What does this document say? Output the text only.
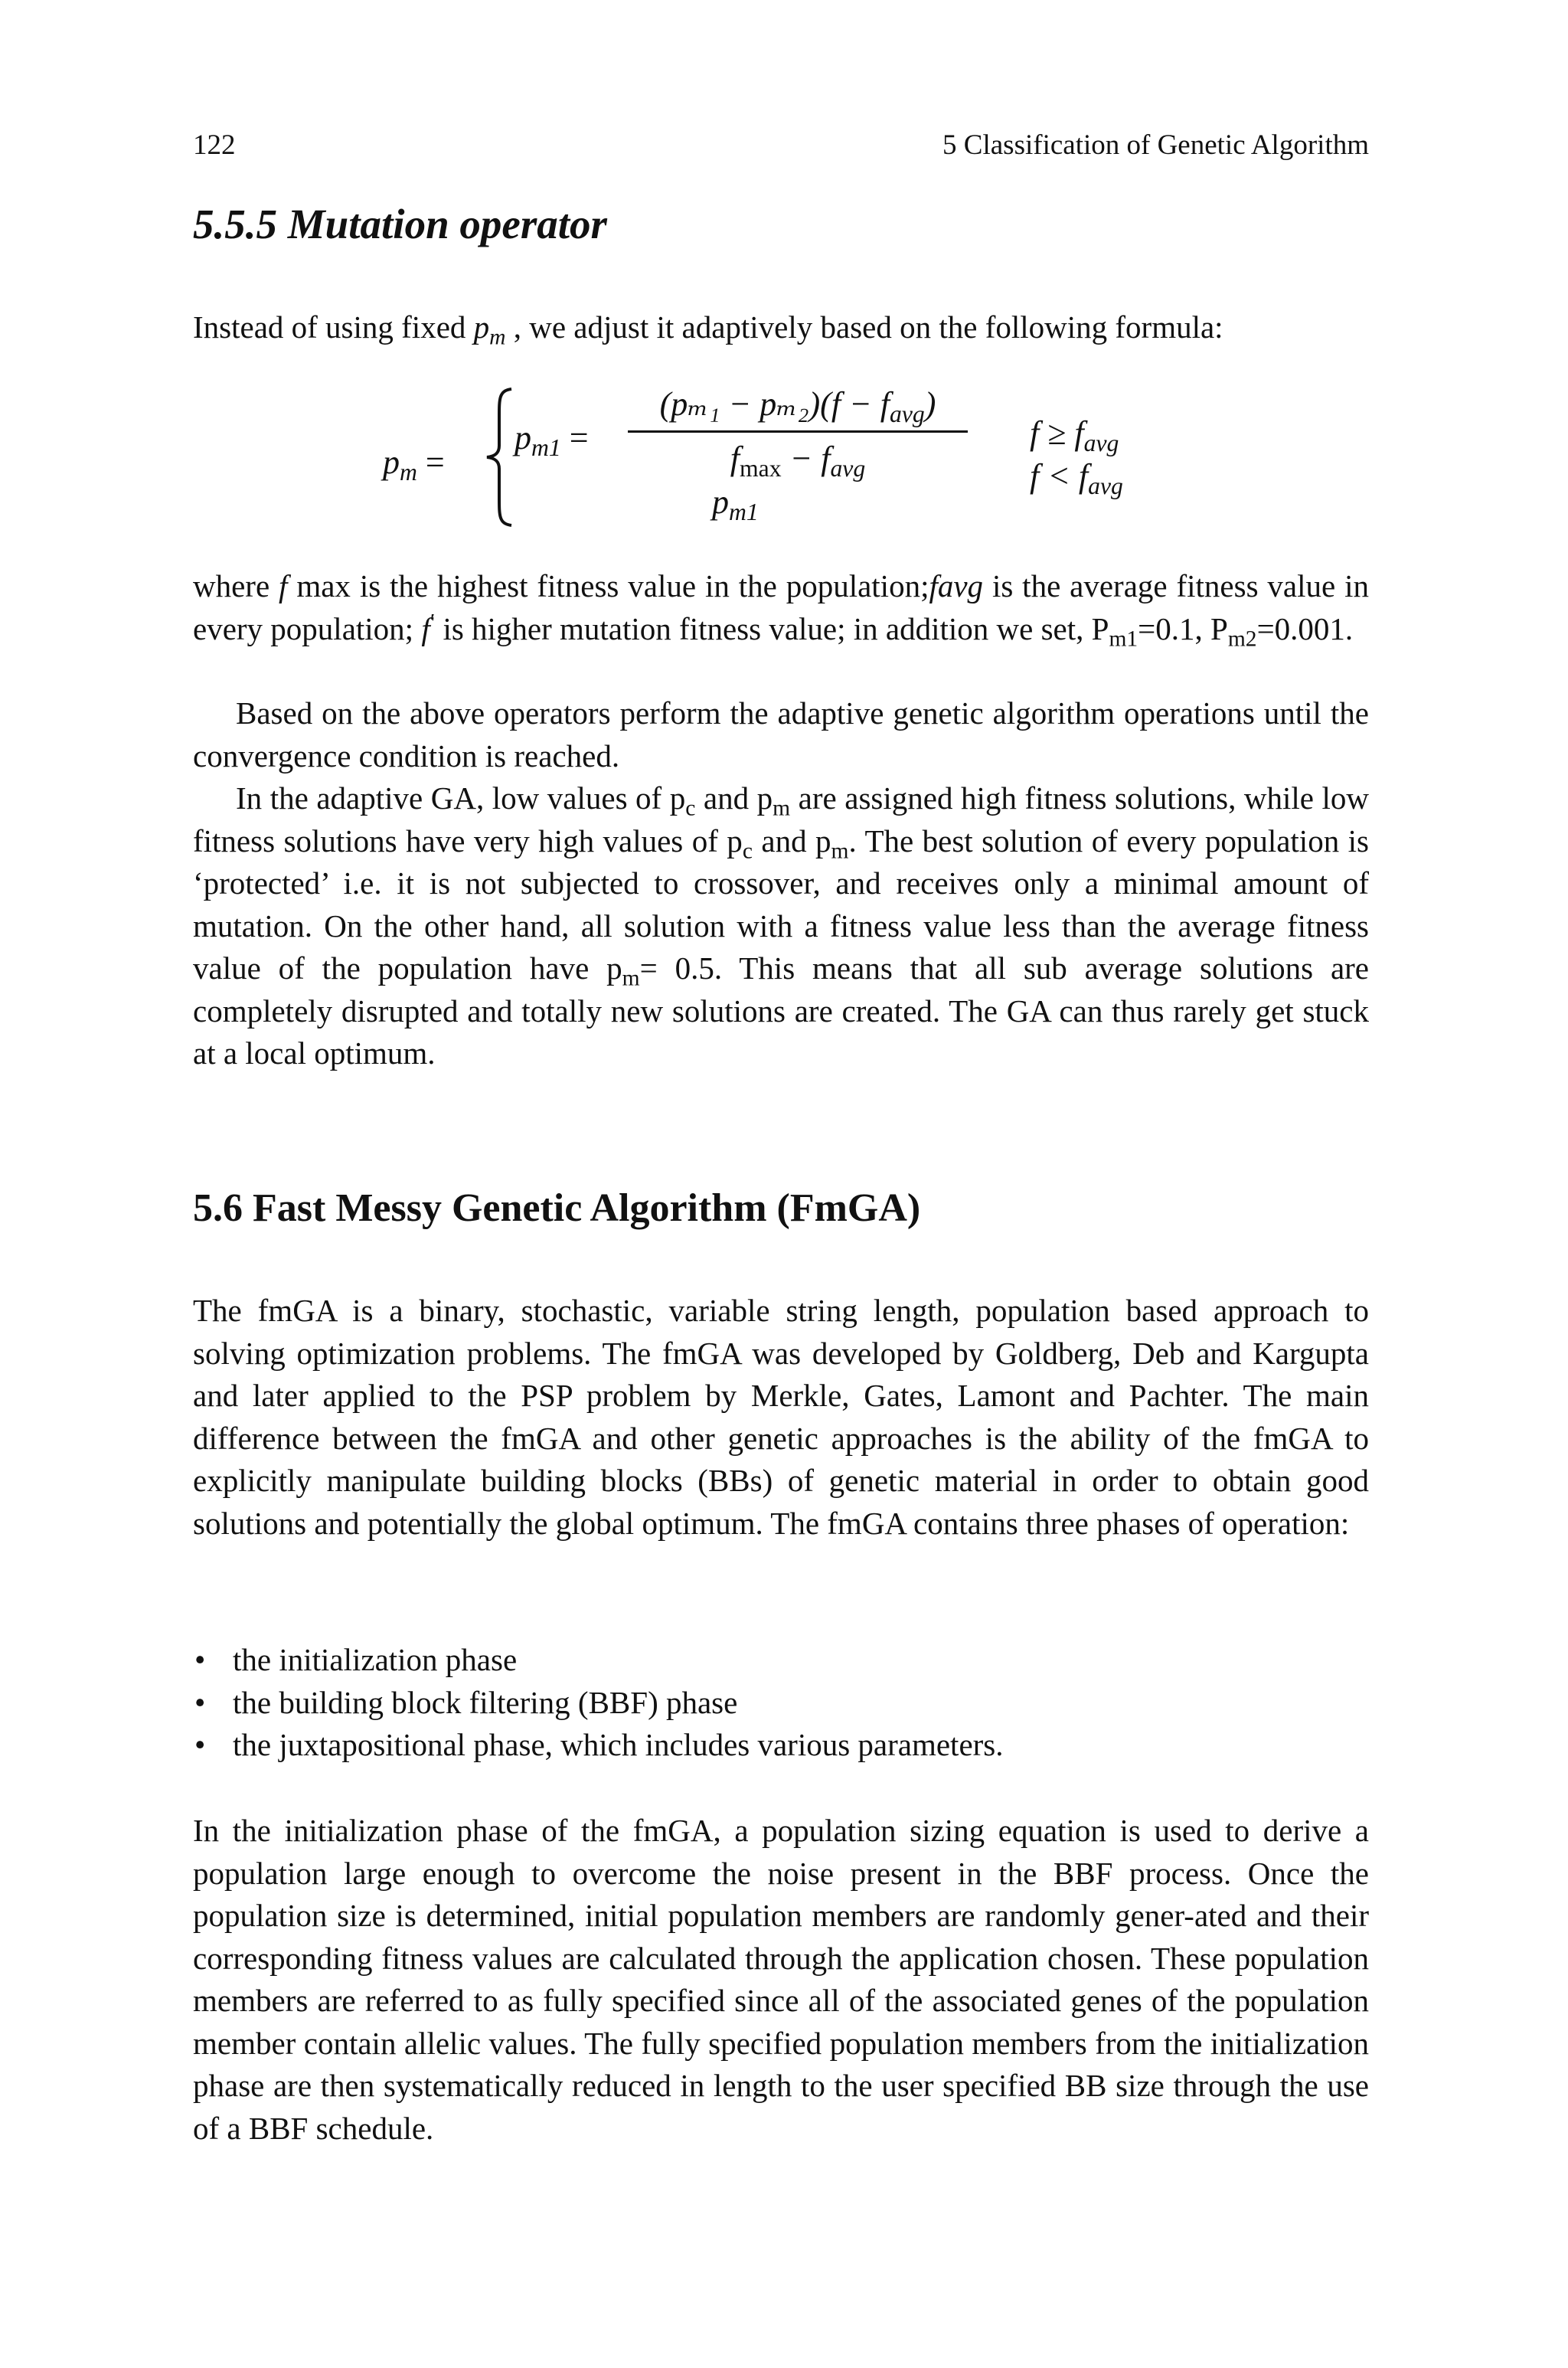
122	5 Classification of Genetic Algorithm
5.5.5 Mutation operator

Instead of using fixed $p_m$ , we adjust it adaptively based on the following formula:

$p_m$ =
$p_{m1}$ =
$(p_{m1} - p_{m2})(f - f_{avg})$
$f_{max} - f_{avg}$
$p_{m1}$
$f \ge f_{avg}$
$f < f_{avg}$

where f max is the highest fitness value in the population;favg is the average fitness value in every population; f′ is higher mutation fitness value; in addition we set, $P_{m1}=0.1$, $P_{m2}=0.001$.

Based on the above operators perform the adaptive genetic algorithm operations until the convergence condition is reached.

In the adaptive GA, low values of $p_c$ and $p_m$ are assigned high fitness solutions, while low fitness solutions have very high values of $p_c$ and $p_m$. The best solution of every population is ‘protected’ i.e. it is not subjected to crossover, and receives only a minimal amount of mutation. On the other hand, all solution with a fitness value less than the average fitness value of the population have $p_m= 0.5$. This means that all sub average solutions are completely disrupted and totally new solutions are created. The GA can thus rarely get stuck at a local optimum.

5.6 Fast Messy Genetic Algorithm (FmGA)

The fmGA is a binary, stochastic, variable string length, population based approach to solving optimization problems. The fmGA was developed by Goldberg, Deb and Kargupta and later applied to the PSP problem by Merkle, Gates, Lamont and Pachter. The main difference between the fmGA and other genetic approaches is the ability of the fmGA to explicitly manipulate building blocks (BBs) of genetic material in order to obtain good solutions and potentially the global optimum. The fmGA contains three phases of operation:

• the initialization phase
• the building block filtering (BBF) phase
• the juxtapositional phase, which includes various parameters.

In the initialization phase of the fmGA, a population sizing equation is used to derive a population large enough to overcome the noise present in the BBF process. Once the population size is determined, initial population members are randomly gener-ated and their corresponding fitness values are calculated through the application chosen. These population members are referred to as fully specified since all of the associated genes of the population member contain allelic values. The fully specified population members from the initialization phase are then systematically reduced in length to the user specified BB size through the use of a BBF schedule.
